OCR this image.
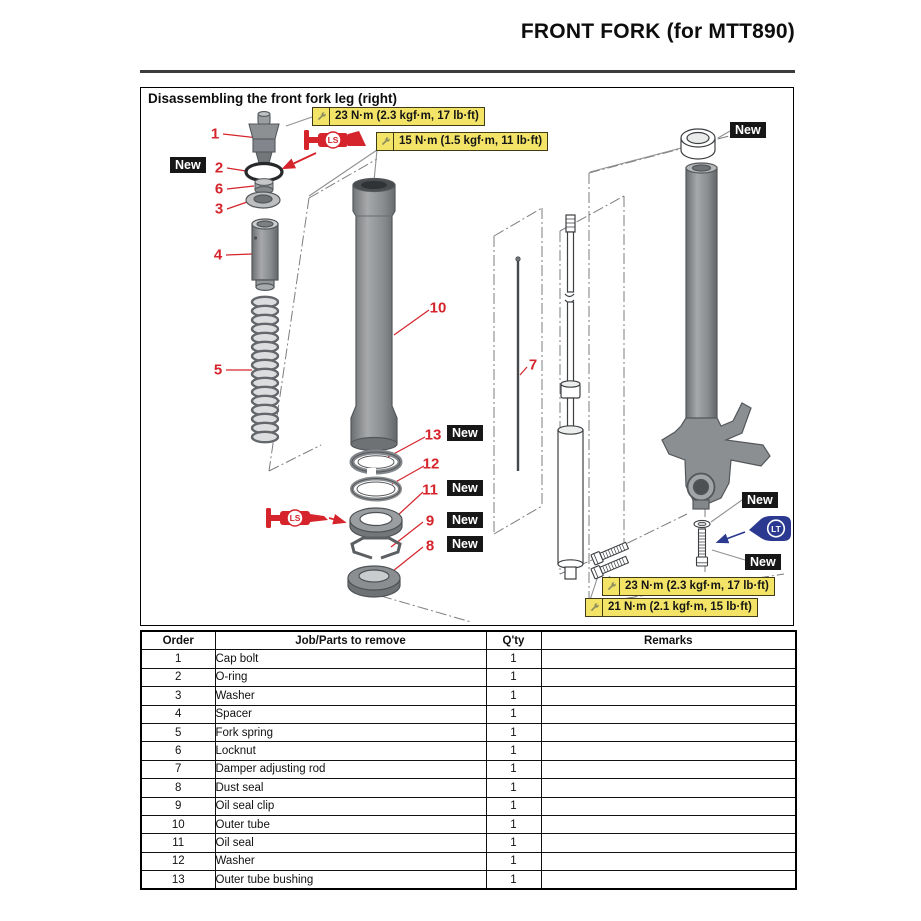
FRONT FORK (for MTT890)
LS
LS
LT
Disassembling the front fork leg (right)
23 N·m (2.3 kgf·m, 17 lb·ft)
15 N·m (1.5 kgf·m, 11 lb·ft)
23 N·m (2.3 kgf·m, 17 lb·ft)
21 N·m (2.1 kgf·m, 15 lb·ft)
New
New
New
New
New
New
New
New
1
2
6
3
4
5
10
13
12
11
9
8
7
Order	Job/Parts to remove	Q'ty	Remarks
1	Cap bolt	1	
2	O-ring	1	
3	Washer	1	
4	Spacer	1	
5	Fork spring	1	
6	Locknut	1	
7	Damper adjusting rod	1	
8	Dust seal	1	
9	Oil seal clip	1	
10	Outer tube	1	
11	Oil seal	1	
12	Washer	1	
13	Outer tube bushing	1	
